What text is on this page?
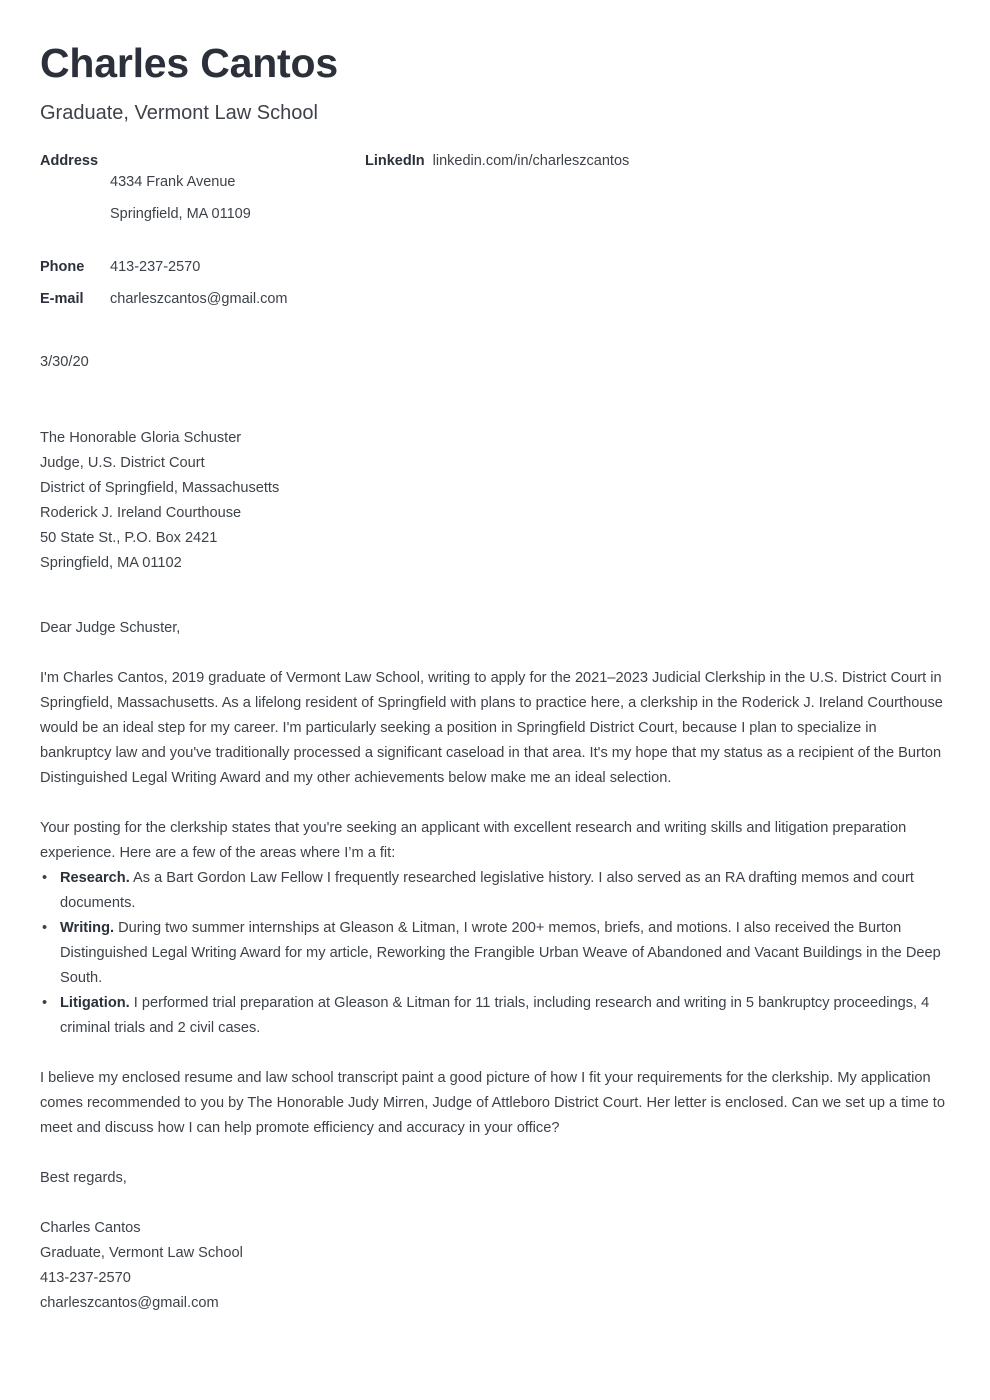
Charles Cantos
Graduate, Vermont Law School
Address

4334 Frank Avenue

Springfield, MA 01109

Phone	413-237-2570
E-mail	charleszcantos@gmail.com
LinkedIn linkedin.com/in/charleszcantos
3/30/20
The Honorable Gloria Schuster
Judge, U.S. District Court
District of Springfield, Massachusetts
Roderick J. Ireland Courthouse
50 State St., P.O. Box 2421
Springfield, MA 01102
Dear Judge Schuster,
I'm Charles Cantos, 2019 graduate of Vermont Law School, writing to apply for the 2021–2023 Judicial Clerkship in the U.S. District Court in Springfield, Massachusetts. As a lifelong resident of Springfield with plans to practice here, a clerkship in the Roderick J. Ireland Courthouse would be an ideal step for my career. I'm particularly seeking a position in Springfield District Court, because I plan to specialize in bankruptcy law and you've traditionally processed a significant caseload in that area. It's my hope that my status as a recipient of the Burton Distinguished Legal Writing Award and my other achievements below make me an ideal selection.
Your posting for the clerkship states that you're seeking an applicant with excellent research and writing skills and litigation preparation experience. Here are a few of the areas where I’m a fit:
• Research. As a Bart Gordon Law Fellow I frequently researched legislative history. I also served as an RA drafting memos and court documents.
• Writing. During two summer internships at Gleason & Litman, I wrote 200+ memos, briefs, and motions. I also received the Burton Distinguished Legal Writing Award for my article, Reworking the Frangible Urban Weave of Abandoned and Vacant Buildings in the Deep South.
• Litigation. I performed trial preparation at Gleason & Litman for 11 trials, including research and writing in 5 bankruptcy proceedings, 4 criminal trials and 2 civil cases.
I believe my enclosed resume and law school transcript paint a good picture of how I fit your requirements for the clerkship. My application comes recommended to you by The Honorable Judy Mirren, Judge of Attleboro District Court. Her letter is enclosed. Can we set up a time to meet and discuss how I can help promote efficiency and accuracy in your office?
Best regards,
Charles Cantos
Graduate, Vermont Law School
413-237-2570
charleszcantos@gmail.com
